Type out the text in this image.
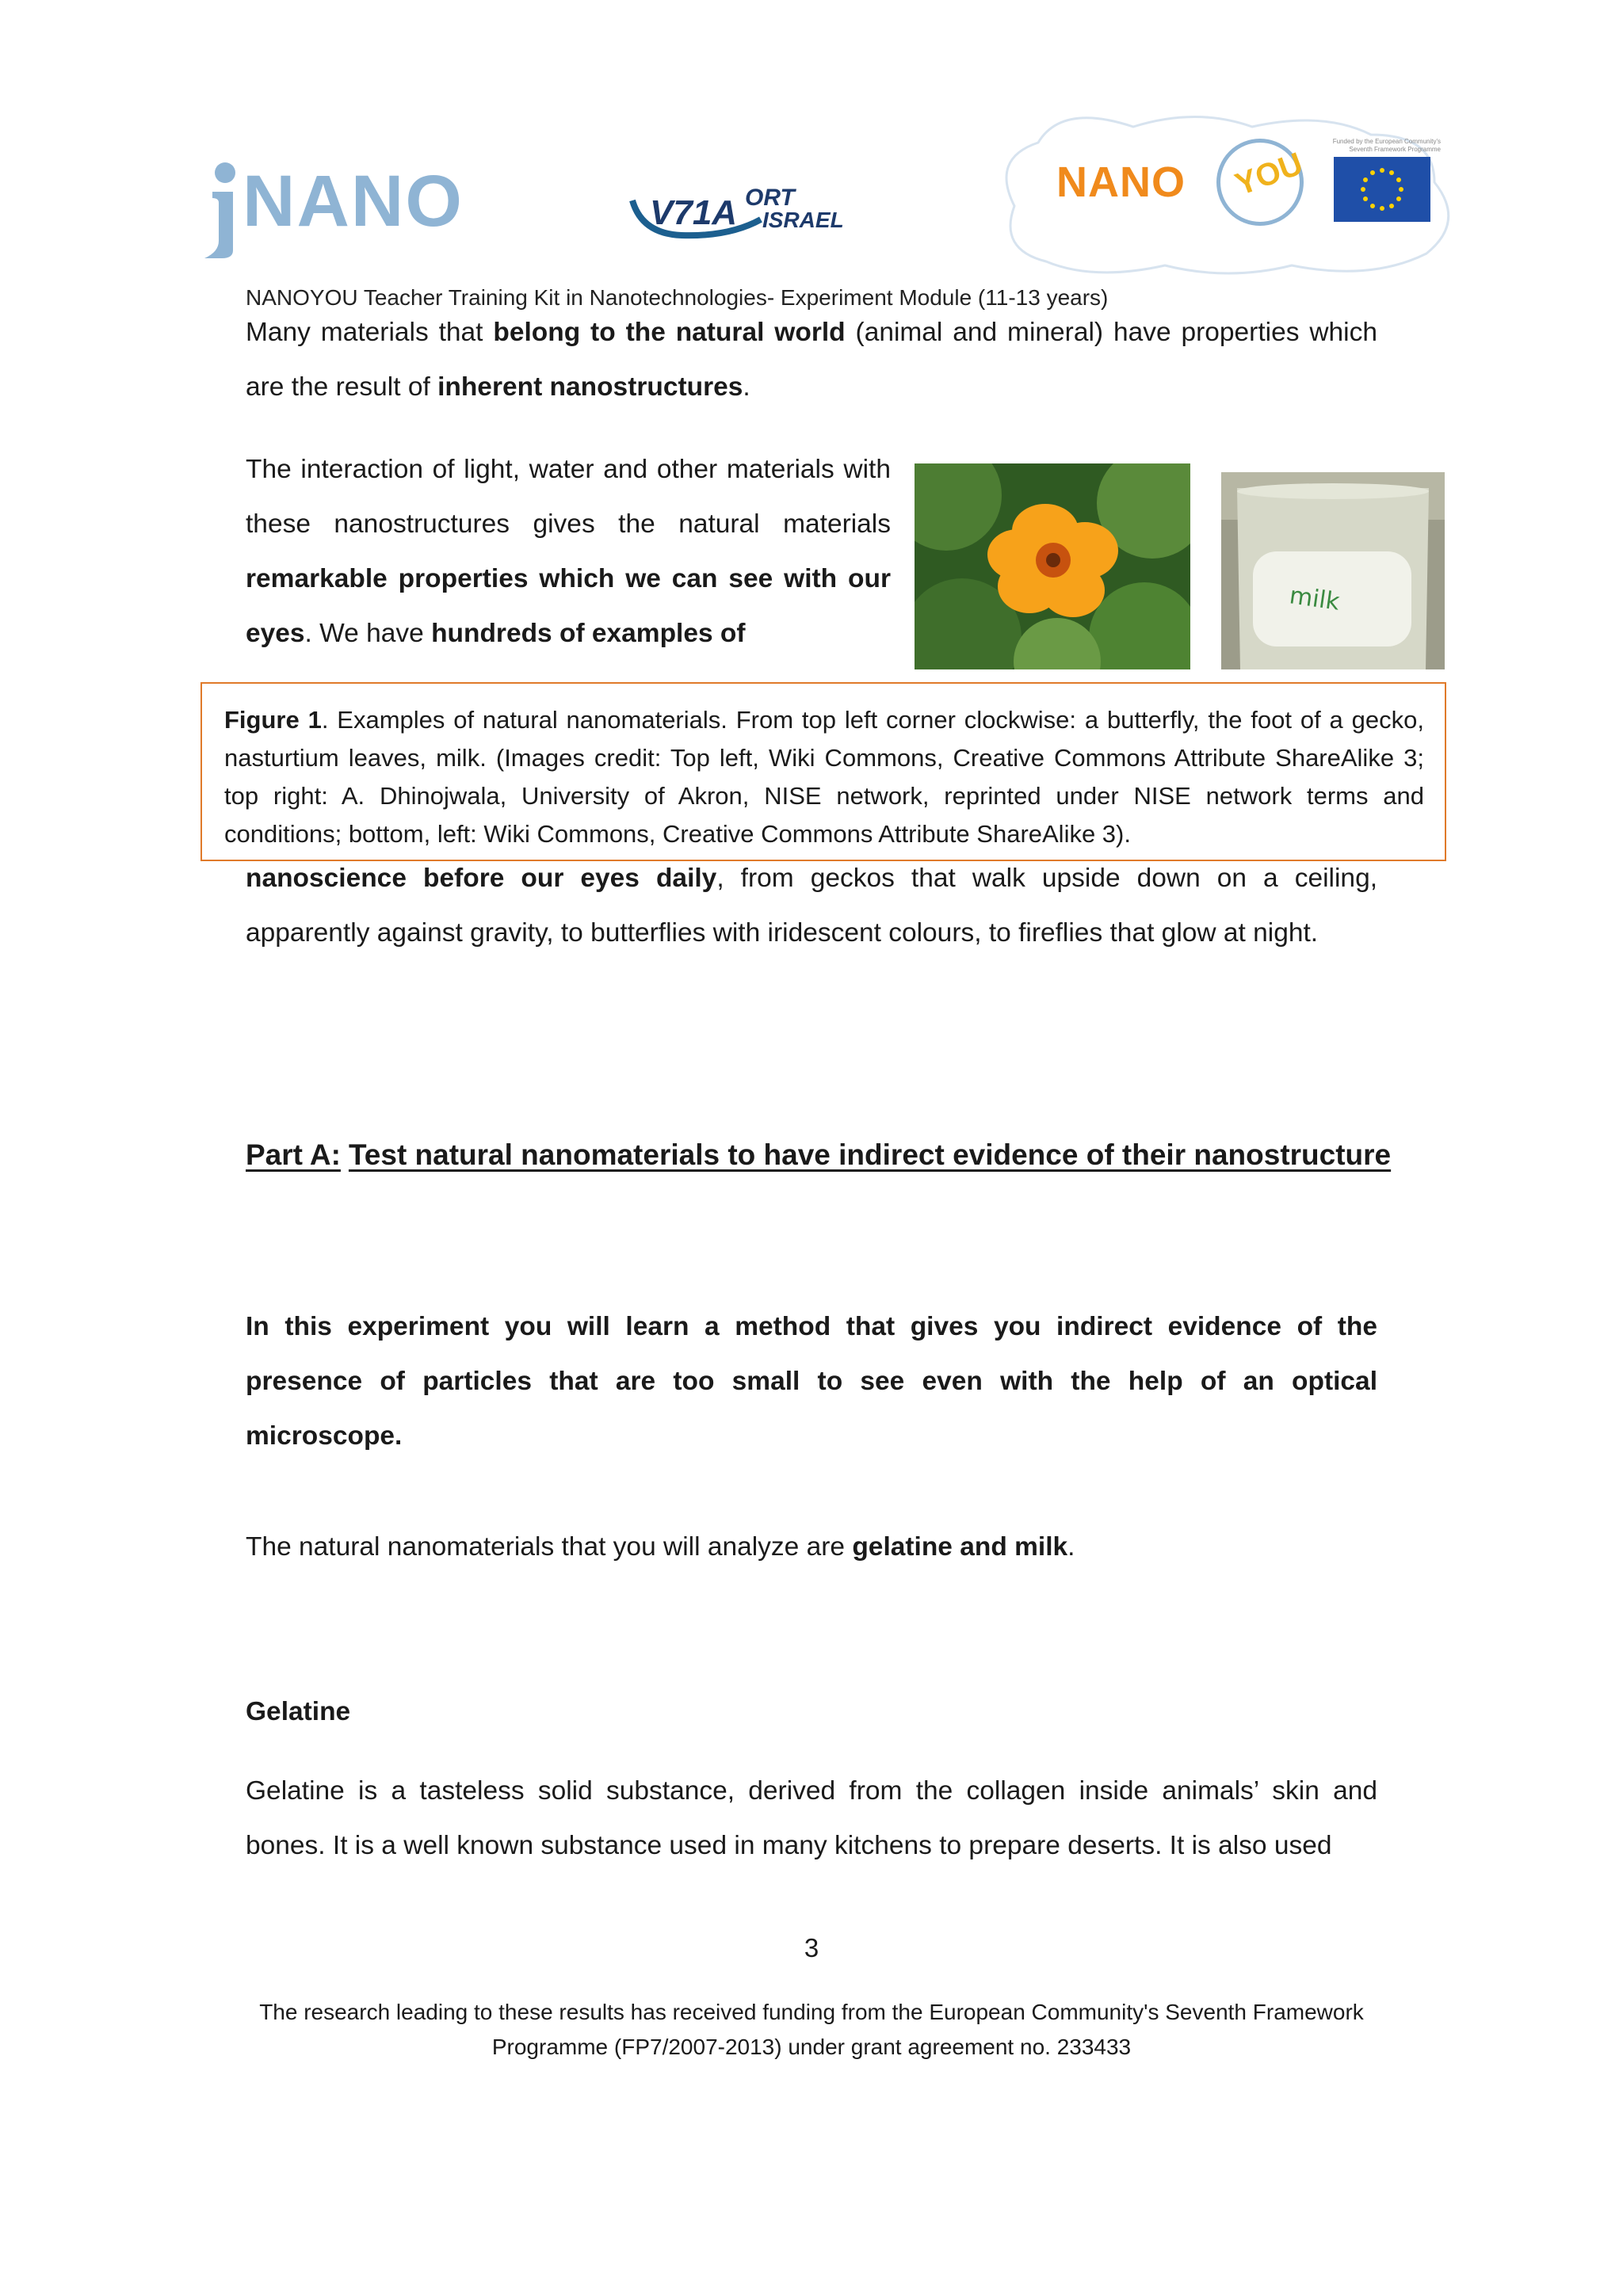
NANO	V71A ORT
ISRAEL
NANO YOU
Funded by the European Community's Seventh Framework Programme
NANOYOU Teacher Training Kit in Nanotechnologies- Experiment Module (11-13 years)
Many materials that belong to the natural world (animal and mineral) have properties which are the result of inherent nanostructures.
The interaction of light, water and other materials with these nanostructures gives the natural materials remarkable properties which we can see with our eyes. We have hundreds of examples of
milk
Figure 1. Examples of natural nanomaterials. From top left corner clockwise: a butterfly, the foot of a gecko, nasturtium leaves, milk. (Images credit: Top left, Wiki Commons, Creative Commons Attribute ShareAlike 3; top right: A. Dhinojwala, University of Akron, NISE network, reprinted under NISE network terms and conditions; bottom, left: Wiki Commons, Creative Commons Attribute ShareAlike 3).
nanoscience before our eyes daily, from geckos that walk upside down on a ceiling, apparently against gravity, to butterflies with iridescent colours, to fireflies that glow at night.
Part A: Test natural nanomaterials to have indirect evidence of their nanostructure
In this experiment you will learn a method that gives you indirect evidence of the presence of particles that are too small to see even with the help of an optical microscope.
The natural nanomaterials that you will analyze are gelatine and milk.
Gelatine
Gelatine is a tasteless solid substance, derived from the collagen inside animals’ skin and bones. It is a well known substance used in many kitchens to prepare deserts. It is also used
3
The research leading to these results has received funding from the European Community's Seventh Framework
Programme (FP7/2007-2013) under grant agreement no. 233433
